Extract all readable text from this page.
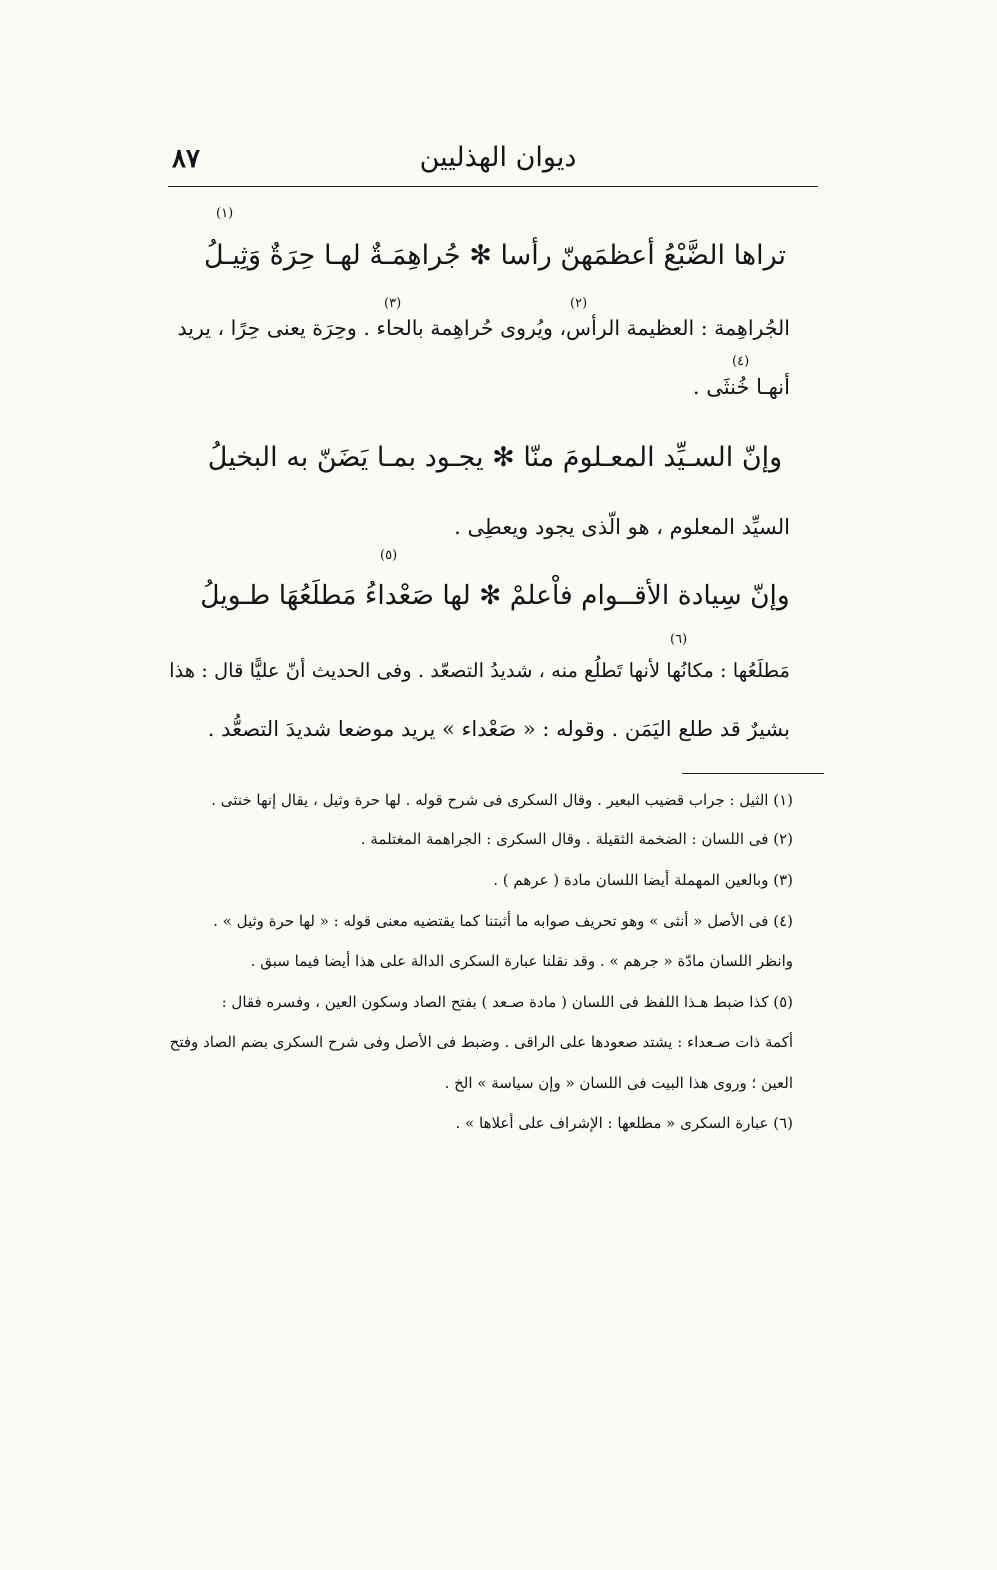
٨٧	ديوان الهذليين
(١)
تراها الضَّبْعُ أعظمَهنّ رأسا ✻ جُراهِمَـةٌ لهـا حِرَةٌ وَثِيـلُ
(٢)
(٣)
الجُراهِمة : العظيمة الرأس، ويُروى حُراهِمة بالحاء . وحِرَة يعنى حِرًا ، يريد
(٤)
أنهـا خُنثَى .
وإنّ السـيِّد المعـلومَ منّا ✻ يجـود بمـا يَضَنّ به البخيلُ
السيِّد المعلوم ، هو الّذى يجود ويعطِى .
(٥)
وإنّ سِيادة الأقــوام فاْعلمْ ✻ لها صَعْداءُ مَطلَعُهَا طـويلُ
(٦)
مَطلَعُها : مكانُها لأنها تَطلُع منه ، شديدُ التصعّد . وفى الحديث أنّ عليًّا قال : هذا
بشيرٌ قد طلع اليَمَن . وقوله : « صَعْداء » يريد موضعا شديدَ التصعُّد .
(١) الثيل : جراب قضيب البعير . وقال السكرى فى شرح قوله . لها حرة وثيل ، يقال إنها خنثى .
(٢) فى اللسان : الضخمة الثقيلة . وقال السكرى : الجراهمة المغتلمة .
(٣) وبالعين المهملة أيضا اللسان مادة ( عرهم ) .
(٤) فى الأصل « أنثى » وهو تحريف صوابه ما أثبتنا كما يقتضيه معنى قوله : « لها حرة وثيل » .
وانظر اللسان مادّة « جرهم » . وقد نقلنا عبارة السكرى الدالة على هذا أيضا فيما سبق .
(٥) كذا ضبط هـذا اللفظ فى اللسان ( مادة صـعد ) بفتح الصاد وسكون العين ، وفسره فقال :
أكمة ذات صـعداء : يشتد صعودها على الراقى . وضبط فى الأصل وفى شرح السكرى بضم الصاد وفتح
العين ؛ وروى هذا البيت فى اللسان « وإن سياسة » الخ .
(٦) عبارة السكرى « مطلعها : الإشراف على أعلاها » .
